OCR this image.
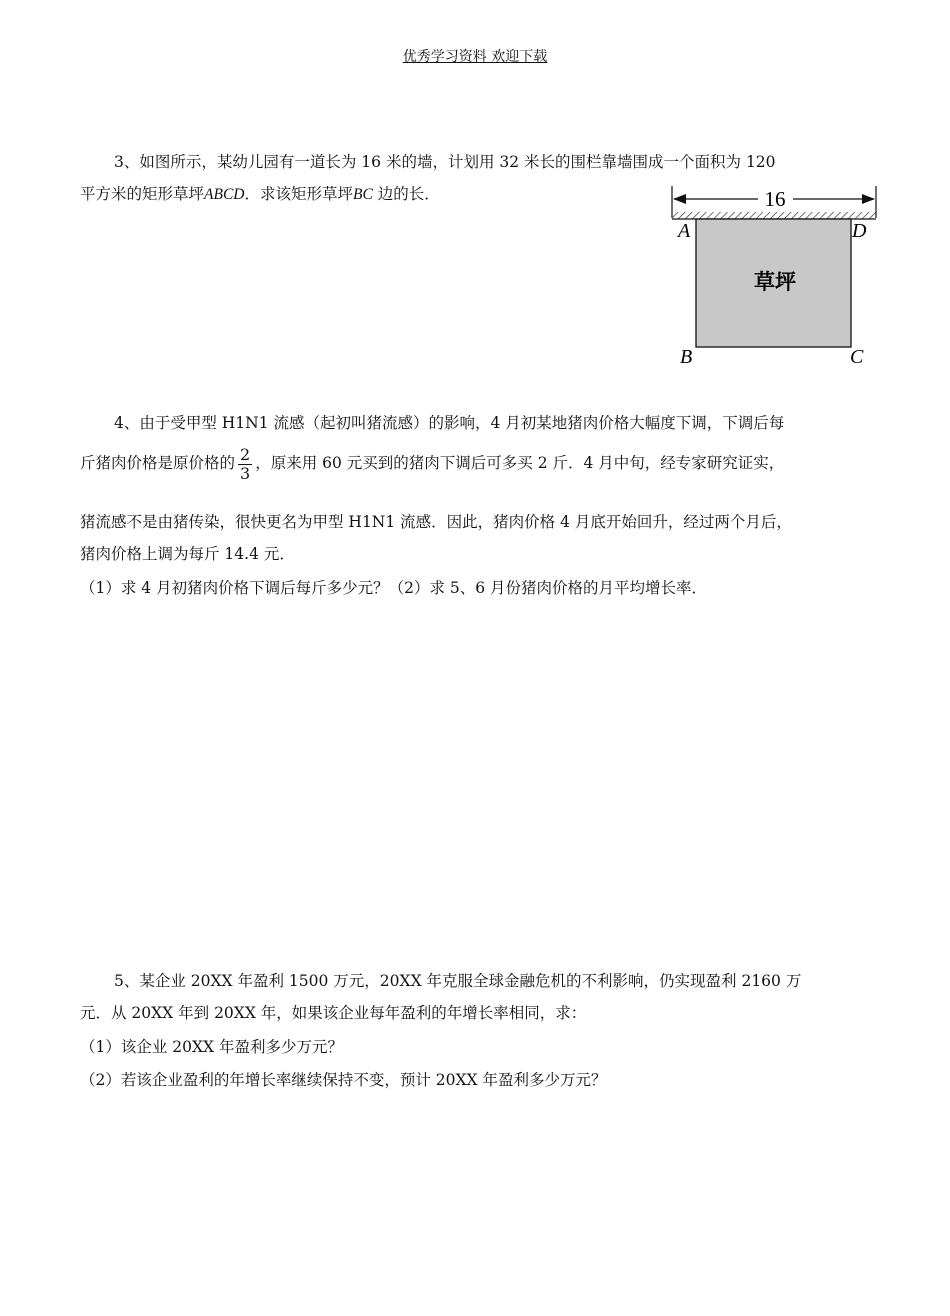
优秀学习资料 欢迎下载
3、如图所示，某幼儿园有一道长为 16 米的墙，计划用 32 米长的围栏靠墙围成一个面积为 120
平方米的矩形草坪ABCD．求该矩形草坪BC 边的长．	16
草坪
A	D
B	C
4、由于受甲型 H1N1 流感（起初叫猪流感）的影响，4 月初某地猪肉价格大幅度下调，下调后每
斤猪肉价格是原价格的 $\frac{2}{3}$ ，原来用 60 元买到的猪肉下调后可多买 2 斤．4 月中旬，经专家研究证实，
猪流感不是由猪传染，很快更名为甲型 H1N1 流感．因此，猪肉价格 4 月底开始回升，经过两个月后，
猪肉价格上调为每斤 14.4 元．
（1）求 4 月初猪肉价格下调后每斤多少元？（2）求 5、6 月份猪肉价格的月平均增长率．
5、某企业 20XX 年盈利 1500 万元，20XX 年克服全球金融危机的不利影响，仍实现盈利 2160 万
元．从 20XX 年到 20XX 年，如果该企业每年盈利的年增长率相同，求：
（1）该企业 20XX 年盈利多少万元？
（2）若该企业盈利的年增长率继续保持不变，预计 20XX 年盈利多少万元？
